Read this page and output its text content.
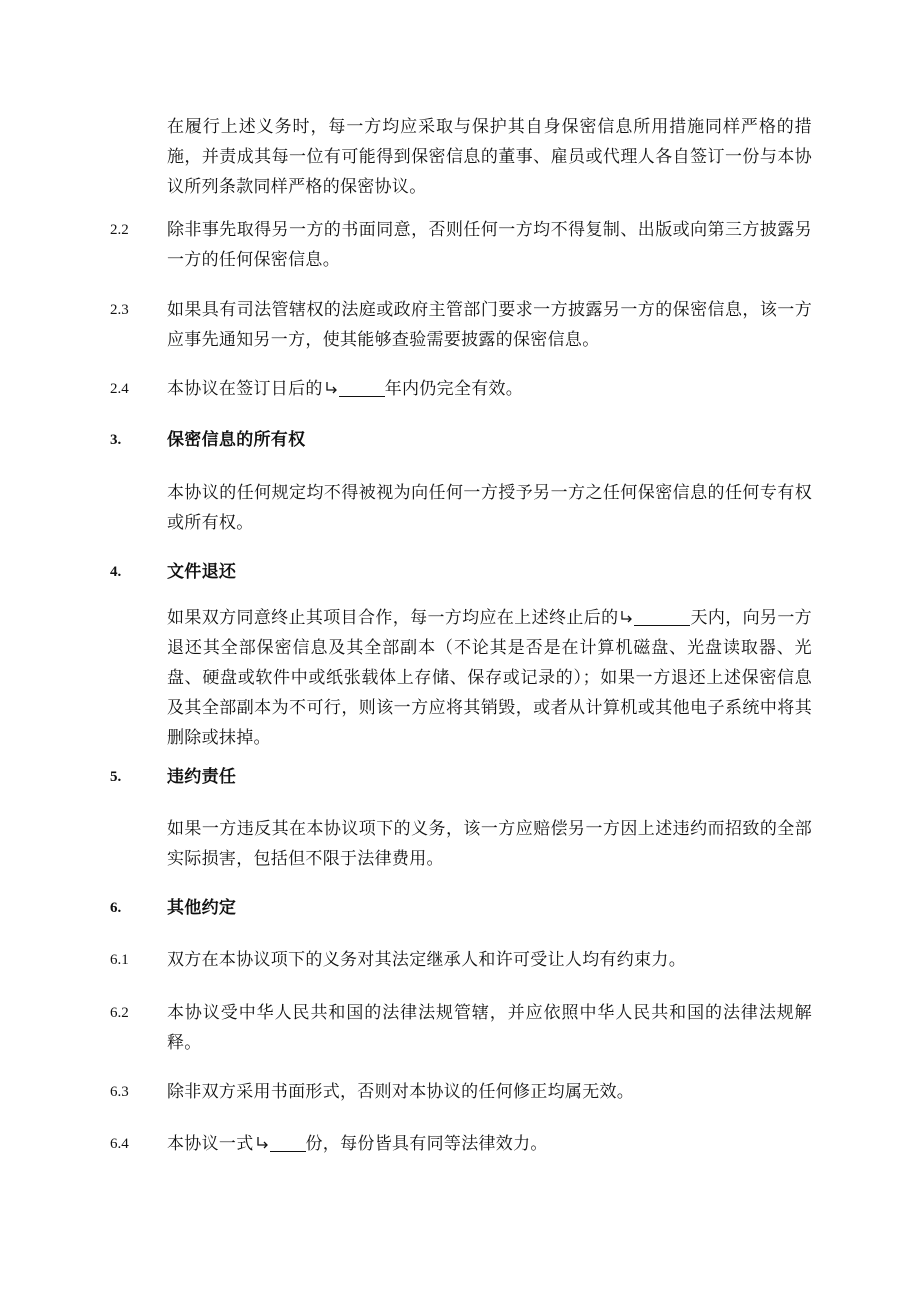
在履行上述义务时，每一方均应采取与保护其自身保密信息所用措施同样严格的措施，并责成其每一位有可能得到保密信息的董事、雇员或代理人各自签订一份与本协议所列条款同样严格的保密协议。
2.2 除非事先取得另一方的书面同意，否则任何一方均不得复制、出版或向第三方披露另一方的任何保密信息。
2.3 如果具有司法管辖权的法庭或政府主管部门要求一方披露另一方的保密信息，该一方应事先通知另一方，使其能够查验需要披露的保密信息。
2.4 本协议在签订日后的	年内仍完全有效。
3.	保密信息的所有权
本协议的任何规定均不得被视为向任何一方授予另一方之任何保密信息的任何专有权或所有权。
4.	文件退还
如果双方同意终止其项目合作，每一方均应在上述终止后的	天内，向另一方退还其全部保密信息及其全部副本（不论其是否是在计算机磁盘、光盘读取器、光盘、硬盘或软件中或纸张载体上存储、保存或记录的）；如果一方退还上述保密信息及其全部副本为不可行，则该一方应将其销毁，或者从计算机或其他电子系统中将其删除或抹掉。
5.	违约责任
如果一方违反其在本协议项下的义务，该一方应赔偿另一方因上述违约而招致的全部实际损害，包括但不限于法律费用。
6.	其他约定
6.1 双方在本协议项下的义务对其法定继承人和许可受让人均有约束力。
6.2 本协议受中华人民共和国的法律法规管辖，并应依照中华人民共和国的法律法规解释。
6.3 除非双方采用书面形式，否则对本协议的任何修正均属无效。
6.4 本协议一式	份，每份皆具有同等法律效力。
